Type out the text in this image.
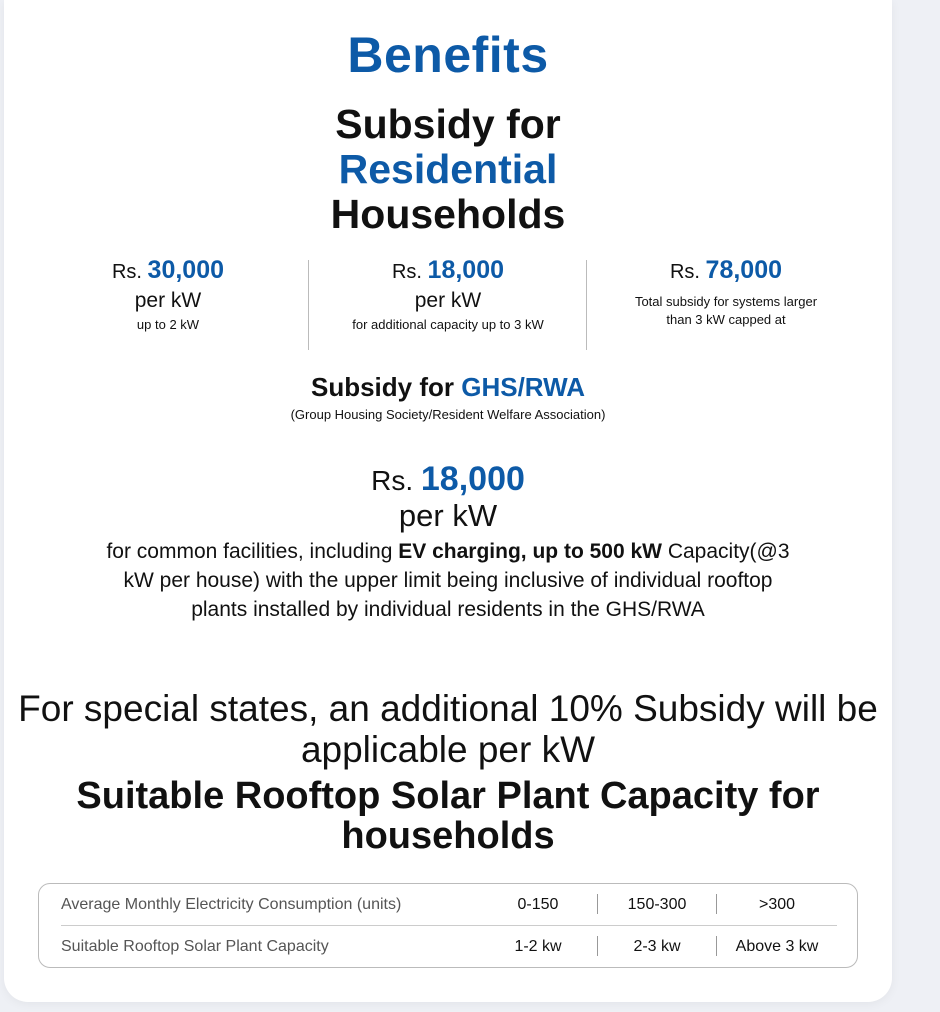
Benefits
Subsidy for
Residential
Households
Rs. 30,000
per kW
up to 2 kW
Rs. 18,000
per kW
for additional capacity up to 3 kW
Rs. 78,000
Total subsidy for systems larger than 3 kW capped at
Subsidy for GHS/RWA
(Group Housing Society/Resident Welfare Association)
Rs. 18,000
per kW
for common facilities, including EV charging, up to 500 kW Capacity(@3 kW per house) with the upper limit being inclusive of individual rooftop plants installed by individual residents in the GHS/RWA
For special states, an additional 10% Subsidy will be applicable per kW
Suitable Rooftop Solar Plant Capacity for households
Average Monthly Electricity Consumption (units)	0-150	150-300	>300
Suitable Rooftop Solar Plant Capacity	1-2 kw	2-3 kw	Above 3 kw
